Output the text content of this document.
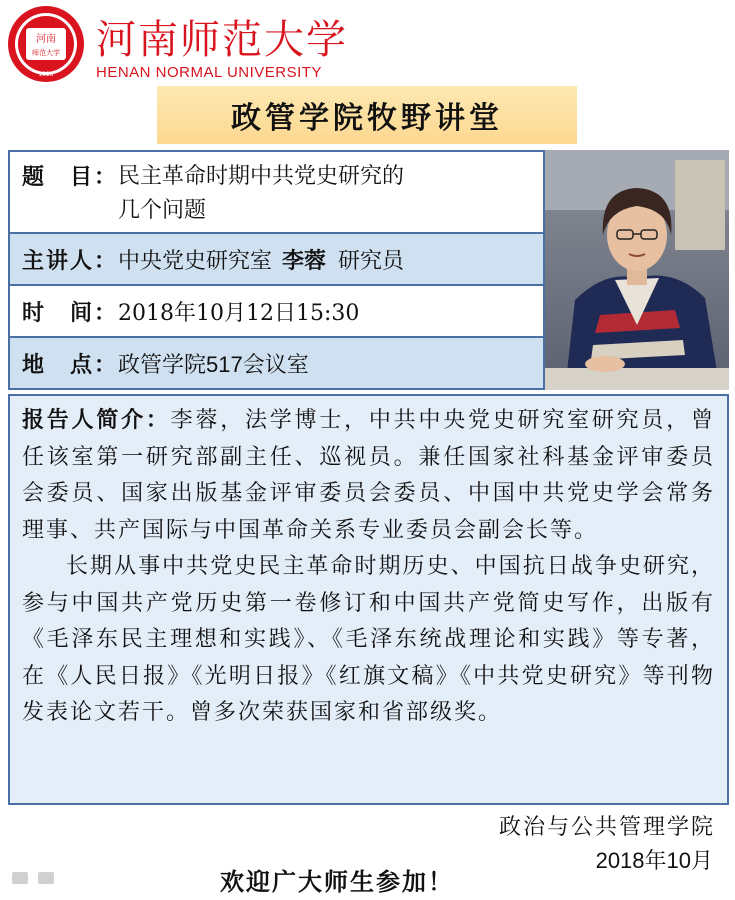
河南
师范大学
1923
河南师范大学
HENAN NORMAL UNIVERSITY
政管学院牧野讲堂
题　目： 民主革命时期中共党史研究的
几个问题
主讲人： 中央党史研究室 李蓉 研究员
时　间： 2018年10月12日15:30
地　点： 政管学院517会议室

报告人简介：李蓉，法学博士，中共中央党史研究室研究员，曾任该室第一研究部副主任、巡视员。兼任国家社科基金评审委员会委员、国家出版基金评审委员会委员、中国中共党史学会常务理事、共产国际与中国革命关系专业委员会副会长等。

长期从事中共党史民主革命时期历史、中国抗日战争史研究，参与中国共产党历史第一卷修订和中国共产党简史写作，出版有《毛泽东民主理想和实践》、《毛泽东统战理论和实践》等专著，在《人民日报》《光明日报》《红旗文稿》《中共党史研究》等刊物发表论文若干。曾多次荣获国家和省部级奖。

政治与公共管理学院
2018年10月
欢迎广大师生参加！
